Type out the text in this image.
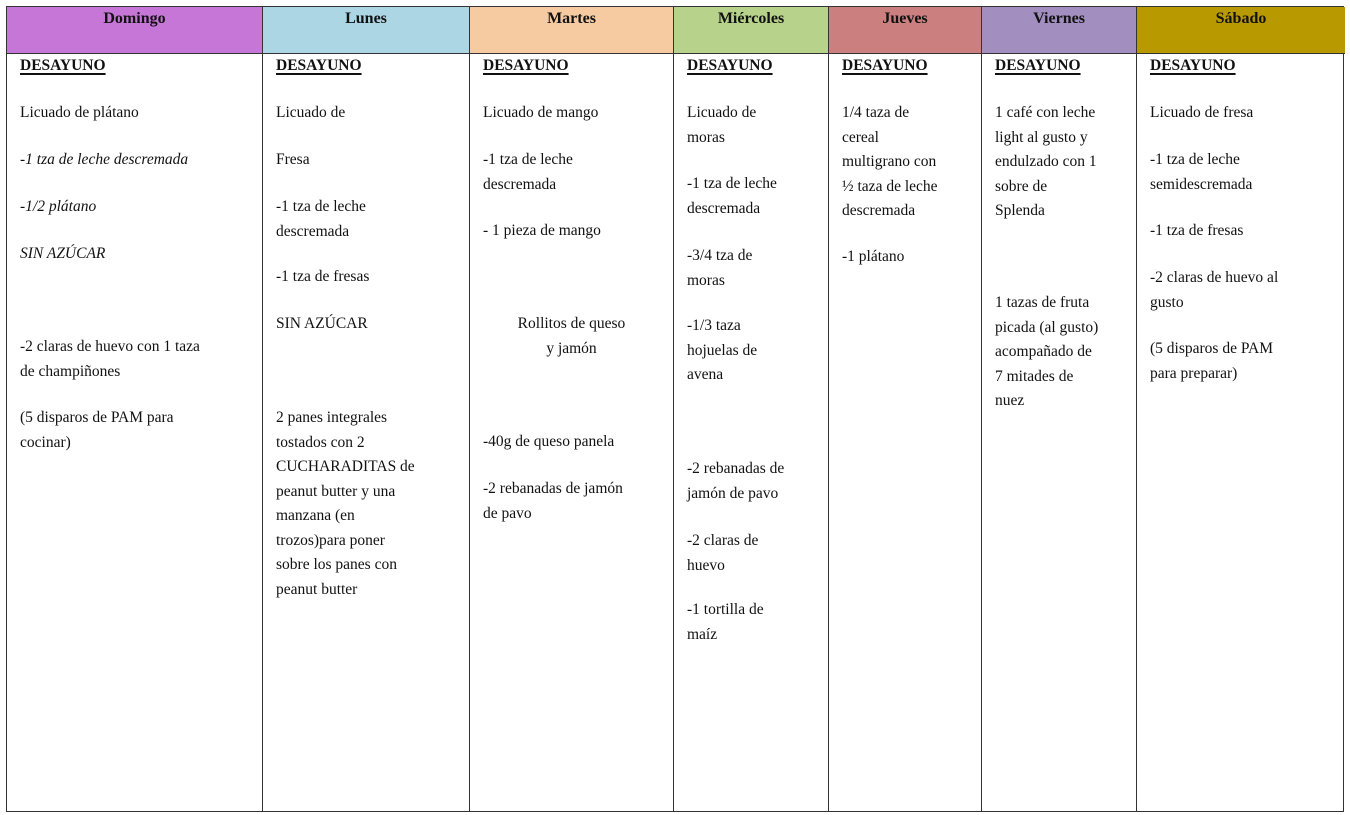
Domingo
DESAYUNO
Licuado de plátano
-1 tza de leche descremada
-1/2 plátano
SIN AZÚCAR
-2 claras de huevo con 1 taza
de champiñones
(5 disparos de PAM para
cocinar)
Lunes
DESAYUNO
Licuado de
Fresa
-1 tza de leche
descremada
-1 tza de fresas
SIN AZÚCAR
2 panes integrales
tostados con 2
CUCHARADITAS de
peanut butter y una
manzana (en
trozos)para poner
sobre los panes con
peanut butter
Martes
DESAYUNO
Licuado de mango
-1 tza de leche
descremada
- 1 pieza de mango
Rollitos de queso
y jamón
-40g de queso panela
-2 rebanadas de jamón
de pavo
Miércoles
DESAYUNO
Licuado de
moras
-1 tza de leche
descremada
-3/4 tza de
moras
-1/3 taza
hojuelas de
avena
-2 rebanadas de
jamón de pavo
-2 claras de
huevo
-1 tortilla de
maíz
Jueves
DESAYUNO
1/4 taza de
cereal
multigrano con
½ taza de leche
descremada
-1 plátano
Viernes
DESAYUNO
1 café con leche
light al gusto y
endulzado con 1
sobre de
Splenda
1 tazas de fruta
picada (al gusto)
acompañado de
7 mitades de
nuez
Sábado
DESAYUNO
Licuado de fresa
-1 tza de leche
semidescremada
-1 tza de fresas
-2 claras de huevo al
gusto
(5 disparos de PAM
para preparar)
